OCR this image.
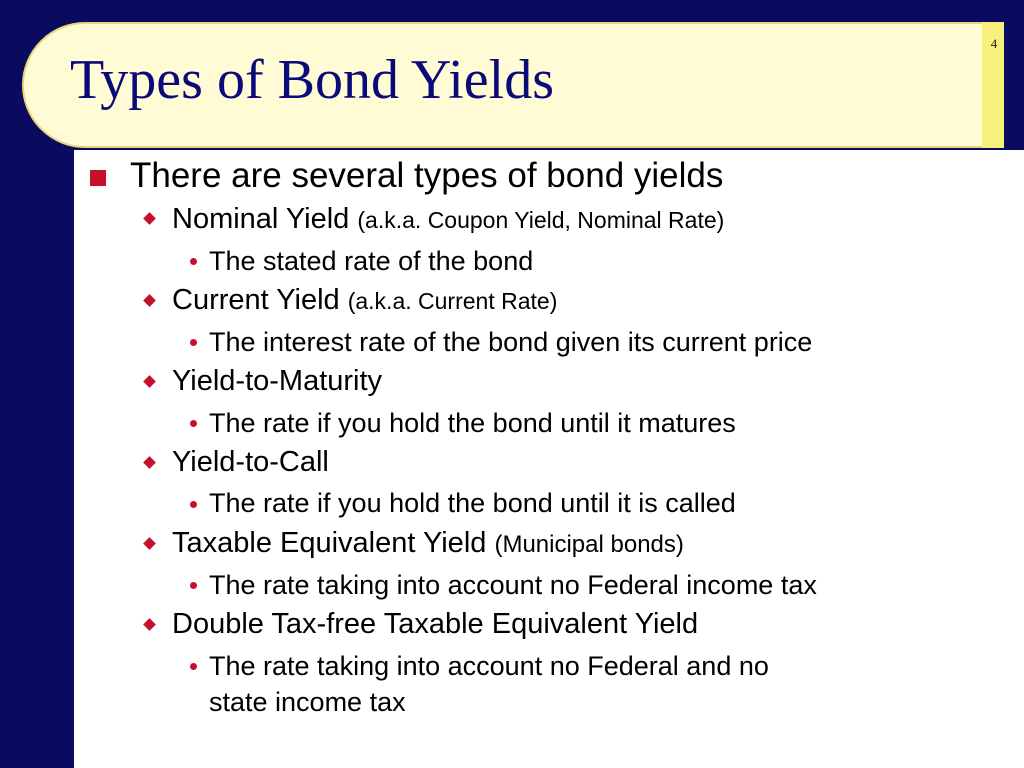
4
Types of Bond Yields
There are several types of bond yields
Nominal Yield (a.k.a. Coupon Yield, Nominal Rate)
The stated rate of the bond
Current Yield (a.k.a. Current Rate)
The interest rate of the bond given its current price
Yield-to-Maturity
The rate if you hold the bond until it matures
Yield-to-Call
The rate if you hold the bond until it is called
Taxable Equivalent Yield (Municipal bonds)
The rate taking into account no Federal income tax
Double Tax-free Taxable Equivalent Yield
The rate taking into account no Federal and no
state income tax
